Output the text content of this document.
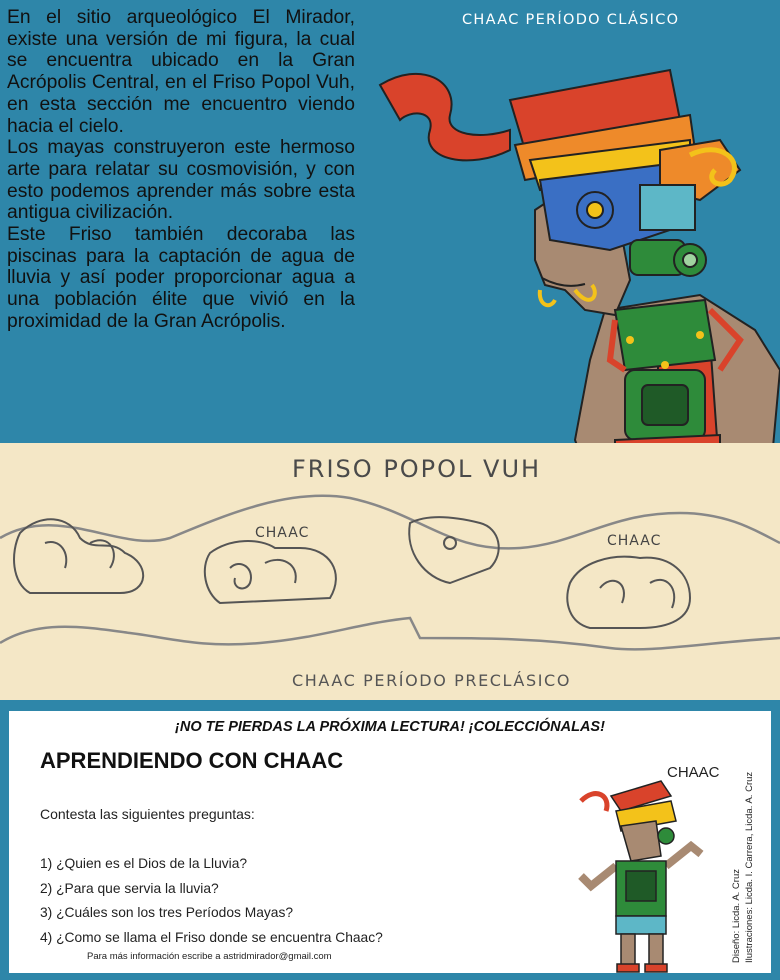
En el sitio arqueológico El Mirador, existe una versión de mi figura, la cual se encuentra ubicado en la Gran Acrópolis Central, en el Friso Popol Vuh, en esta sección me encuentro viendo hacia el cielo.

Los mayas construyeron este hermoso arte para relatar su cosmovisión, y con esto podemos aprender más sobre esta antigua civilización.

Este Friso también decoraba las piscinas para la captación de agua de lluvia y así poder proporcionar agua a una población élite que vivió en la proximidad de la Gran Acrópolis.

CHAAC PERÍODO CLÁSICO
FRISO POPOL VUH
CHAAC	CHAAC
CHAAC PERÍODO PRECLÁSICO
¡NO TE PIERDAS LA PRÓXIMA LECTURA! ¡COLECCIÓNALAS!
APRENDIENDO CON CHAAC
Contesta las siguientes preguntas:
1) ¿Quien es el Dios de la Lluvia?
2) ¿Para que servia la lluvia?
3) ¿Cuáles son los tres Períodos Mayas?
4) ¿Como se llama el Friso donde se encuentra Chaac?
Para más información escribe a astridmirador@gmail.com
CHAAC
Diseño: Licda. A. Cruz Ilustraciones: Licda. I. Carrera, Licda. A. Cruz
